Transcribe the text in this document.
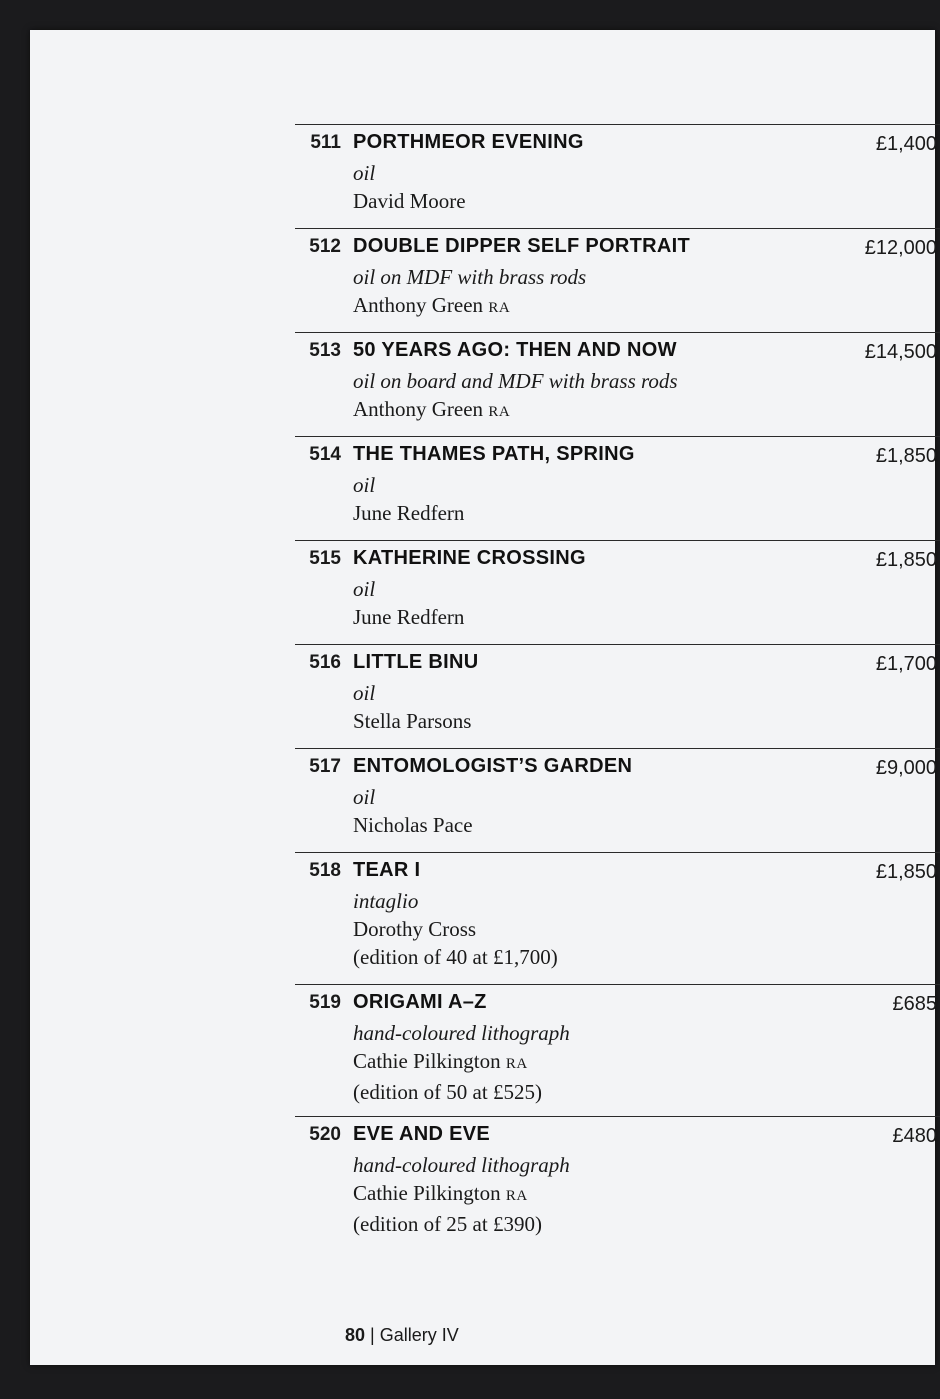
511 PORTHMEOR EVENING	£1,400
oil
David Moore
512 DOUBLE DIPPER SELF PORTRAIT	£12,000
oil on MDF with brass rods
Anthony Green RA
513 50 YEARS AGO: THEN AND NOW	£14,500
oil on board and MDF with brass rods
Anthony Green RA
514 THE THAMES PATH, SPRING	£1,850
oil
June Redfern
515 KATHERINE CROSSING	£1,850
oil
June Redfern
516 LITTLE BINU	£1,700
oil
Stella Parsons
517 ENTOMOLOGIST’S GARDEN	£9,000
oil
Nicholas Pace
518 TEAR I	£1,850
intaglio
Dorothy Cross
(edition of 40 at £1,700)
519 ORIGAMI A–Z	£685
hand-coloured lithograph
Cathie Pilkington RA
(edition of 50 at £525)
520 EVE AND EVE	£480
hand-coloured lithograph
Cathie Pilkington RA
(edition of 25 at £390)
80 | Gallery IV
